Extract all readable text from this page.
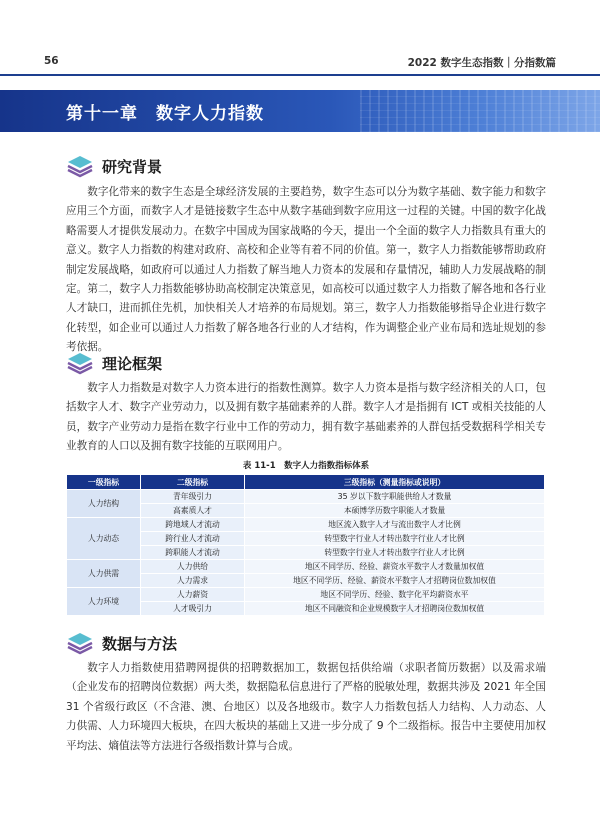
56	2022 数字生态指数｜分指数篇
第十一章 数字人力指数
研究背景

数字化带来的数字生态是全球经济发展的主要趋势，数字生态可以分为数字基础、数字能力和数字应用三个方面，而数字人才是链接数字生态中从数字基础到数字应用这一过程的关键。中国的数字化战略需要人才提供发展动力。在数字中国成为国家战略的今天，提出一个全面的数字人力指数具有重大的意义。数字人力指数的构建对政府、高校和企业等有着不同的价值。第一，数字人力指数能够帮助政府制定发展战略，如政府可以通过人力指数了解当地人力资本的发展和存量情况，辅助人力发展战略的制定。第二，数字人力指数能够协助高校制定决策意见，如高校可以通过数字人力指数了解各地和各行业人才缺口，进而抓住先机，加快相关人才培养的布局规划。第三，数字人力指数能够指导企业进行数字化转型，如企业可以通过人力指数了解各地各行业的人才结构，作为调整企业产业布局和选址规划的参考依据。

理论框架

数字人力指数是对数字人力资本进行的指数性测算。数字人力资本是指与数字经济相关的人口，包括数字人才、数字产业劳动力，以及拥有数字基础素养的人群。数字人才是指拥有 ICT 或相关技能的人员，数字产业劳动力是指在数字行业中工作的劳动力，拥有数字基础素养的人群包括受数据科学相关专业教育的人口以及拥有数字技能的互联网用户。

表 11-1　数字人力指数指标体系
一级指标	二级指标	三级指标（测量指标或说明）
人力结构	青年级引力	35 岁以下数字职能供给人才数量
	高素质人才	本硕博学历数字职能人才数量
人力动态	跨地域人才流动	地区流入数字人才与流出数字人才比例
	跨行业人才流动	转型数字行业人才转出数字行业人才比例
	跨职能人才流动	转型数字行业人才转出数字行业人才比例
人力供需	人力供给	地区不同学历、经验、薪资水平数字人才数量加权值
	人力需求	地区不同学历、经验、薪资水平数字人才招聘岗位数加权值
人力环境	人力薪资	地区不同学历、经验、数字化平均薪资水平
	人才吸引力	地区不同融资和企业规模数字人才招聘岗位数加权值
数据与方法

数字人力指数使用猎聘网提供的招聘数据加工，数据包括供给端（求职者简历数据）以及需求端（企业发布的招聘岗位数据）两大类，数据隐私信息进行了严格的脱敏处理，数据共涉及 2021 年全国 31 个省级行政区（不含港、澳、台地区）以及各地级市。数字人力指数包括人力结构、人力动态、人力供需、人力环境四大板块，在四大板块的基础上又进一步分成了 9 个二级指标。报告中主要使用加权平均法、熵值法等方法进行各级指数计算与合成。
